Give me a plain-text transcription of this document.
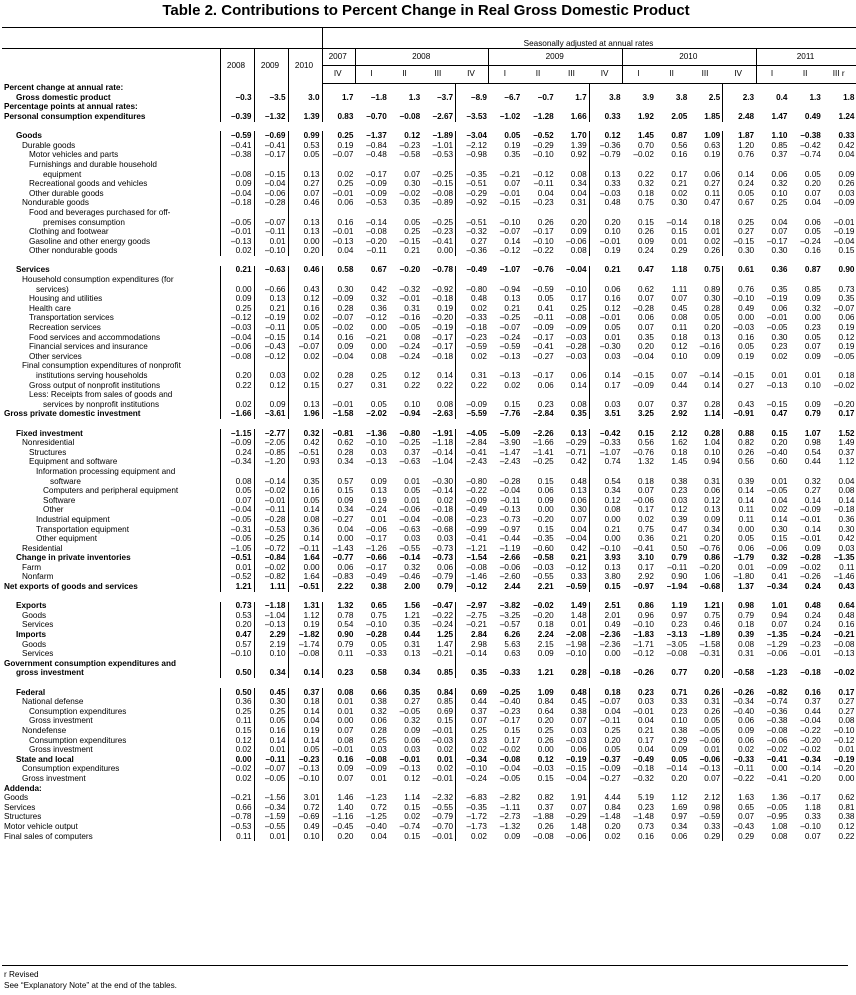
Table 2. Contributions to Percent Change in Real Gross Domestic Product
				Seasonally adjusted at annual rates															
	2008	2009	2010	2007	2008				2009				2010				2011		
				IV	I	II	III	IV	I	II	III	IV	I	II	III	IV	I	II	III r
Percent change at annual rate:																			
Gross domestic product	–0.3	–3.5	3.0	1.7	–1.8	1.3	–3.7	–8.9	–6.7	–0.7	1.7	3.8	3.9	3.8	2.5	2.3	0.4	1.3	1.8
Percentage points at annual rates:																			
Personal consumption expenditures	–0.39	–1.32	1.39	0.83	–0.70	–0.08	–2.67	–3.53	–1.02	–1.28	1.66	0.33	1.92	2.05	1.85	2.48	1.47	0.49	1.24

Goods	–0.59	–0.69	0.99	0.25	–1.37	0.12	–1.89	–3.04	0.05	–0.52	1.70	0.12	1.45	0.87	1.09	1.87	1.10	–0.38	0.33
Durable goods	–0.41	–0.41	0.53	0.19	–0.84	–0.23	–1.01	–2.12	0.19	–0.29	1.39	–0.36	0.70	0.56	0.63	1.20	0.85	–0.42	0.42
Motor vehicles and parts	–0.38	–0.17	0.05	–0.07	–0.48	–0.58	–0.53	–0.98	0.35	–0.10	0.92	–0.79	–0.02	0.16	0.19	0.76	0.37	–0.74	0.04
Furnishings and durable household																			
equipment	–0.08	–0.15	0.13	0.02	–0.17	0.07	–0.25	–0.35	–0.21	–0.12	0.08	0.13	0.22	0.17	0.06	0.14	0.06	0.05	0.09
Recreational goods and vehicles	0.09	–0.04	0.27	0.25	–0.09	0.30	–0.15	–0.51	0.07	–0.11	0.34	0.33	0.32	0.21	0.27	0.24	0.32	0.20	0.26
Other durable goods	–0.04	–0.06	0.07	–0.01	–0.09	–0.02	–0.08	–0.29	–0.01	0.04	0.04	–0.03	0.18	0.02	0.11	0.05	0.10	0.07	0.03
Nondurable goods	–0.18	–0.28	0.46	0.06	–0.53	0.35	–0.89	–0.92	–0.15	–0.23	0.31	0.48	0.75	0.30	0.47	0.67	0.25	0.04	–0.09
Food and beverages purchased for off-																			
premises consumption	–0.05	–0.07	0.13	0.16	–0.14	0.05	–0.25	–0.51	–0.10	0.26	0.20	0.20	0.15	–0.14	0.18	0.25	0.04	0.06	–0.01
Clothing and footwear	–0.01	–0.11	0.13	–0.01	–0.08	0.25	–0.23	–0.32	–0.07	–0.17	0.09	0.10	0.26	0.15	0.01	0.27	0.07	0.05	–0.19
Gasoline and other energy goods	–0.13	0.01	0.00	–0.13	–0.20	–0.15	–0.41	0.27	0.14	–0.10	–0.06	–0.01	0.09	0.01	0.02	–0.15	–0.17	–0.24	–0.04
Other nondurable goods	0.02	–0.10	0.20	0.04	–0.11	0.21	0.00	–0.36	–0.12	–0.22	0.08	0.19	0.24	0.29	0.26	0.30	0.30	0.16	0.15

Services	0.21	–0.63	0.46	0.58	0.67	–0.20	–0.78	–0.49	–1.07	–0.76	–0.04	0.21	0.47	1.18	0.75	0.61	0.36	0.87	0.90
Household consumption expenditures (for																			
services)	0.00	–0.66	0.43	0.30	0.42	–0.32	–0.92	–0.80	–0.94	–0.59	–0.10	0.06	0.62	1.11	0.89	0.76	0.35	0.85	0.73
Housing and utilities	0.09	0.13	0.12	–0.09	0.32	–0.01	–0.18	0.48	0.13	0.05	0.17	0.16	0.07	0.07	0.30	–0.10	–0.19	0.09	0.35
Health care	0.25	0.21	0.16	0.28	0.36	0.31	0.19	0.02	0.21	0.41	0.25	0.12	–0.28	0.45	0.28	0.49	0.06	0.32	–0.07
Transportation services	–0.12	–0.19	0.02	–0.07	–0.12	–0.16	–0.20	–0.33	–0.25	–0.11	–0.08	–0.01	0.06	0.08	0.05	0.00	–0.01	0.00	0.06
Recreation services	–0.03	–0.11	0.05	–0.02	0.00	–0.05	–0.19	–0.18	–0.07	–0.09	–0.09	0.05	0.07	0.11	0.20	–0.03	–0.05	0.23	0.19
Food services and accommodations	–0.04	–0.15	0.14	0.16	–0.21	0.08	–0.17	–0.23	–0.24	–0.17	–0.03	0.01	0.35	0.18	0.13	0.16	0.30	0.05	0.12
Financial services and insurance	–0.06	–0.43	–0.07	0.09	0.00	–0.24	–0.17	–0.59	–0.59	–0.41	–0.28	–0.30	0.20	0.12	–0.16	0.05	0.23	0.07	0.19
Other services	–0.08	–0.12	0.02	–0.04	0.08	–0.24	–0.18	0.02	–0.13	–0.27	–0.03	0.03	–0.04	0.10	0.09	0.19	0.02	0.09	–0.05
Final consumption expenditures of nonprofit																			
institutions serving households	0.20	0.03	0.02	0.28	0.25	0.12	0.14	0.31	–0.13	–0.17	0.06	0.14	–0.15	0.07	–0.14	–0.15	0.01	0.01	0.18
Gross output of nonprofit institutions	0.22	0.12	0.15	0.27	0.31	0.22	0.22	0.22	0.02	0.06	0.14	0.17	–0.09	0.44	0.14	0.27	–0.13	0.10	–0.02
Less: Receipts from sales of goods and																			
services by nonprofit institutions	0.02	0.09	0.13	–0.01	0.05	0.10	0.08	–0.09	0.15	0.23	0.08	0.03	0.07	0.37	0.28	0.43	–0.15	0.09	–0.20
Gross private domestic investment	–1.66	–3.61	1.96	–1.58	–2.02	–0.94	–2.63	–5.59	–7.76	–2.84	0.35	3.51	3.25	2.92	1.14	–0.91	0.47	0.79	0.17

Fixed investment	–1.15	–2.77	0.32	–0.81	–1.36	–0.80	–1.91	–4.05	–5.09	–2.26	0.13	–0.42	0.15	2.12	0.28	0.88	0.15	1.07	1.52
Nonresidential	–0.09	–2.05	0.42	0.62	–0.10	–0.25	–1.18	–2.84	–3.90	–1.66	–0.29	–0.33	0.56	1.62	1.04	0.82	0.20	0.98	1.49
Structures	0.24	–0.85	–0.51	0.28	0.03	0.37	–0.14	–0.41	–1.47	–1.41	–0.71	–1.07	–0.76	0.18	0.10	0.26	–0.40	0.54	0.37
Equipment and software	–0.34	–1.20	0.93	0.34	–0.13	–0.63	–1.04	–2.43	–2.43	–0.25	0.42	0.74	1.32	1.45	0.94	0.56	0.60	0.44	1.12
Information processing equipment and																			
software	0.08	–0.14	0.35	0.57	0.09	0.01	–0.30	–0.80	–0.28	0.15	0.48	0.54	0.18	0.38	0.31	0.39	0.01	0.32	0.04
Computers and peripheral equipment	0.05	–0.02	0.16	0.15	0.13	0.05	–0.14	–0.22	–0.04	0.06	0.13	0.34	0.07	0.23	0.06	0.14	–0.05	0.27	0.08
Software	0.07	–0.01	0.05	0.09	0.19	0.01	0.02	–0.09	–0.11	0.09	0.06	0.12	–0.06	0.03	0.12	0.14	0.04	0.14	0.14
Other	–0.04	–0.11	0.14	0.34	–0.24	–0.06	–0.18	–0.49	–0.13	0.00	0.30	0.08	0.17	0.12	0.13	0.11	0.02	–0.09	–0.18
Industrial equipment	–0.05	–0.28	0.08	–0.27	0.01	–0.04	–0.08	–0.23	–0.73	–0.20	0.07	0.00	0.02	0.39	0.09	0.11	0.14	–0.01	0.36
Transportation equipment	–0.31	–0.53	0.36	0.04	–0.06	–0.63	–0.68	–0.99	–0.97	0.15	0.04	0.21	0.75	0.47	0.34	0.00	0.30	0.14	0.30
Other equipment	–0.05	–0.25	0.14	0.00	–0.17	0.03	0.03	–0.41	–0.44	–0.35	–0.04	0.00	0.36	0.21	0.20	0.05	0.15	–0.01	0.42
Residential	–1.05	–0.72	–0.11	–1.43	–1.26	–0.55	–0.73	–1.21	–1.19	–0.60	0.42	–0.10	–0.41	0.50	–0.76	0.06	–0.06	0.09	0.03
Change in private inventories	–0.51	–0.84	1.64	–0.77	–0.66	–0.14	–0.73	–1.54	–2.66	–0.58	0.21	3.93	3.10	0.79	0.86	–1.79	0.32	–0.28	–1.35
Farm	0.01	–0.02	0.00	0.06	–0.17	0.32	0.06	–0.08	–0.06	–0.03	–0.12	0.13	0.17	–0.11	–0.20	0.01	–0.09	–0.02	0.11
Nonfarm	–0.52	–0.82	1.64	–0.83	–0.49	–0.46	–0.79	–1.46	–2.60	–0.55	0.33	3.80	2.92	0.90	1.06	–1.80	0.41	–0.26	–1.46
Net exports of goods and services	1.21	1.11	–0.51	2.22	0.38	2.00	0.79	–0.12	2.44	2.21	–0.59	0.15	–0.97	–1.94	–0.68	1.37	–0.34	0.24	0.43

Exports	0.73	–1.18	1.31	1.32	0.65	1.56	–0.47	–2.97	–3.82	–0.02	1.49	2.51	0.86	1.19	1.21	0.98	1.01	0.48	0.64
Goods	0.53	–1.04	1.12	0.78	0.75	1.21	–0.22	–2.75	–3.25	–0.20	1.48	2.01	0.96	0.97	0.75	0.79	0.94	0.24	0.48
Services	0.20	–0.13	0.19	0.54	–0.10	0.35	–0.24	–0.21	–0.57	0.18	0.01	0.49	–0.10	0.23	0.46	0.18	0.07	0.24	0.16
Imports	0.47	2.29	–1.82	0.90	–0.28	0.44	1.25	2.84	6.26	2.24	–2.08	–2.36	–1.83	–3.13	–1.89	0.39	–1.35	–0.24	–0.21
Goods	0.57	2.19	–1.74	0.79	0.05	0.31	1.47	2.98	5.63	2.15	–1.98	–2.36	–1.71	–3.05	–1.58	0.08	–1.29	–0.23	–0.08
Services	–0.10	0.10	–0.08	0.11	–0.33	0.13	–0.21	–0.14	0.63	0.09	–0.10	0.00	–0.12	–0.08	–0.31	0.31	–0.06	–0.01	–0.13
Government consumption expenditures and																			
gross investment	0.50	0.34	0.14	0.23	0.58	0.34	0.85	0.35	–0.33	1.21	0.28	–0.18	–0.26	0.77	0.20	–0.58	–1.23	–0.18	–0.02

Federal	0.50	0.45	0.37	0.08	0.66	0.35	0.84	0.69	–0.25	1.09	0.48	0.18	0.23	0.71	0.26	–0.26	–0.82	0.16	0.17
National defense	0.36	0.30	0.18	0.01	0.38	0.27	0.85	0.44	–0.40	0.84	0.45	–0.07	0.03	0.33	0.31	–0.34	–0.74	0.37	0.27
Consumption expenditures	0.25	0.25	0.14	0.01	0.32	–0.05	0.69	0.37	–0.23	0.64	0.38	0.04	–0.01	0.23	0.26	–0.40	–0.36	0.44	0.27
Gross investment	0.11	0.05	0.04	0.00	0.06	0.32	0.15	0.07	–0.17	0.20	0.07	–0.11	0.04	0.10	0.05	0.06	–0.38	–0.04	0.08
Nondefense	0.15	0.16	0.19	0.07	0.28	0.09	–0.01	0.25	0.15	0.25	0.03	0.25	0.21	0.38	–0.05	0.09	–0.08	–0.22	–0.10
Consumption expenditures	0.12	0.14	0.14	0.08	0.25	0.06	–0.03	0.23	0.17	0.26	–0.03	0.20	0.17	0.29	–0.06	0.06	–0.06	–0.20	–0.12
Gross investment	0.02	0.01	0.05	–0.01	0.03	0.03	0.02	0.02	–0.02	0.00	0.06	0.05	0.04	0.09	0.01	0.02	–0.02	–0.02	0.01
State and local	0.00	–0.11	–0.23	0.16	–0.08	–0.01	0.01	–0.34	–0.08	0.12	–0.19	–0.37	–0.49	0.05	–0.06	–0.33	–0.41	–0.34	–0.19
Consumption expenditures	–0.02	–0.07	–0.13	0.09	–0.09	–0.13	0.02	–0.10	–0.04	–0.03	–0.15	–0.09	–0.18	–0.14	–0.13	–0.11	0.00	–0.14	–0.20
Gross investment	0.02	–0.05	–0.10	0.07	0.01	0.12	–0.01	–0.24	–0.05	0.15	–0.04	–0.27	–0.32	0.20	0.07	–0.22	–0.41	–0.20	0.00
Addenda:																			
Goods	–0.21	–1.56	3.01	1.46	–1.23	1.14	–2.32	–6.83	–2.82	0.82	1.91	4.44	5.19	1.12	2.12	1.63	1.36	–0.17	0.62
Services	0.66	–0.34	0.72	1.40	0.72	0.15	–0.55	–0.35	–1.11	0.37	0.07	0.84	0.23	1.69	0.98	0.65	–0.05	1.18	0.81
Structures	–0.78	–1.59	–0.69	–1.16	–1.25	0.02	–0.79	–1.72	–2.73	–1.88	–0.29	–1.48	–1.48	0.97	–0.59	0.07	–0.95	0.33	0.38
Motor vehicle output	–0.53	–0.55	0.49	–0.45	–0.40	–0.74	–0.70	–1.73	–1.32	0.26	1.48	0.20	0.73	0.34	0.33	–0.43	1.08	–0.10	0.12
Final sales of computers	0.11	0.01	0.10	0.20	0.04	0.15	–0.01	0.02	0.09	–0.08	–0.06	0.02	0.16	0.06	0.29	0.29	0.08	0.07	0.22
r Revised
See “Explanatory Note” at the end of the tables.
